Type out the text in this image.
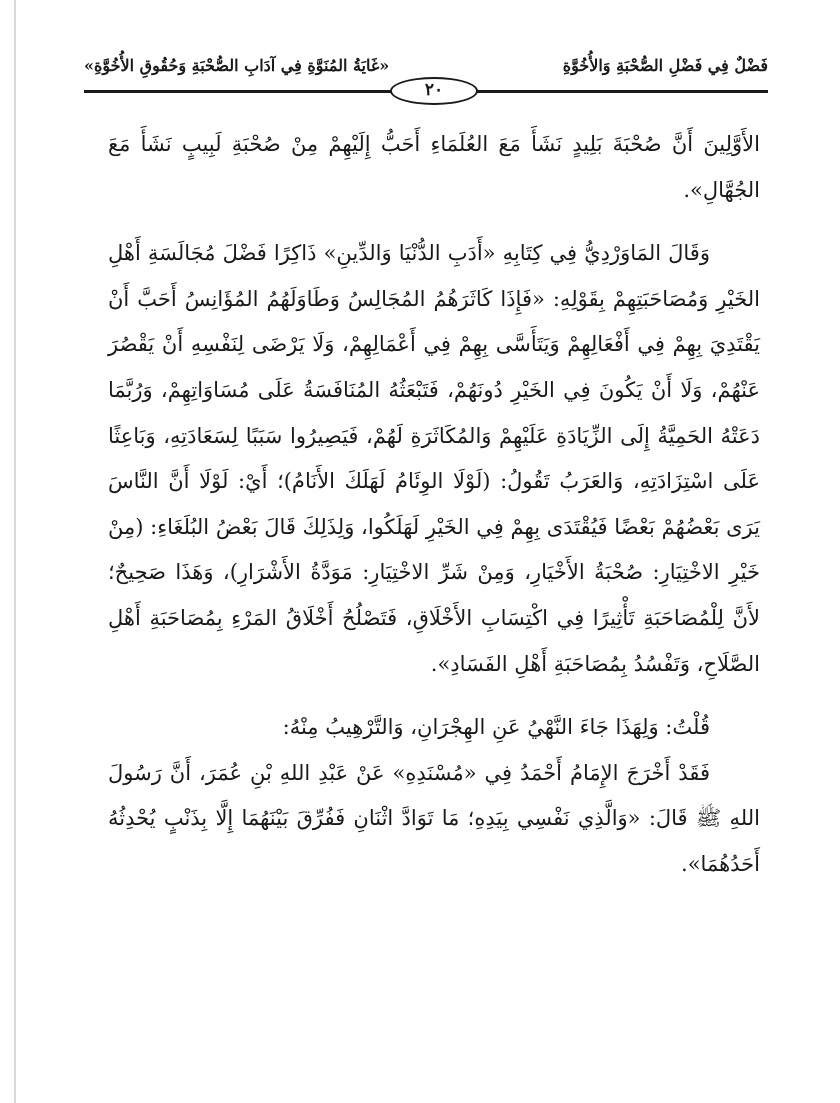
فَضْلٌ فِي فَضْلِ الصُّحْبَةِ وَالأُخُوَّةِ
«غَايَةُ المُنَوَّةِ فِي آدَابِ الصُّحْبَةِ وَحُقُوقِ الأُخُوَّةِ»
٢٠

الأَوَّلِينَ أَنَّ صُحْبَةَ بَلِيدٍ نَشَأَ مَعَ العُلَمَاءِ أَحَبُّ إِلَيْهِمْ مِنْ صُحْبَةِ لَبِيبٍ نَشَأَ مَعَ الجُهَّالِ».

وَقَالَ المَاوَرْدِيُّ فِي كِتَابِهِ «أَدَبِ الدُّنْيَا وَالدِّينِ» ذَاكِرًا فَضْلَ مُجَالَسَةِ أَهْلِ الخَيْرِ وَمُصَاحَبَتِهِمْ بِقَوْلِهِ: «فَإِذَا كَاثَرَهُمُ المُجَالِسُ وَطَاوَلَهُمُ المُؤَانِسُ أَحَبَّ أَنْ يَقْتَدِيَ بِهِمْ فِي أَفْعَالِهِمْ وَيَتَأَسَّى بِهِمْ فِي أَعْمَالِهِمْ، وَلَا يَرْضَى لِنَفْسِهِ أَنْ يَقْصُرَ عَنْهُمْ، وَلَا أَنْ يَكُونَ فِي الخَيْرِ دُونَهُمْ، فَتَبْعَثُهُ المُنَافَسَةُ عَلَى مُسَاوَاتِهِمْ، وَرُبَّمَا دَعَتْهُ الحَمِيَّةُ إِلَى الزِّيَادَةِ عَلَيْهِمْ وَالمُكَاثَرَةِ لَهُمْ، فَيَصِيرُوا سَبَبًا لِسَعَادَتِهِ، وَبَاعِثًا عَلَى اسْتِزَادَتِهِ، وَالعَرَبُ تَقُولُ: (لَوْلَا الوِئَامُ لَهَلَكَ الأَنَامُ)؛ أَيْ: لَوْلَا أَنَّ النَّاسَ يَرَى بَعْضُهُمْ بَعْضًا فَيُقْتَدَى بِهِمْ فِي الخَيْرِ لَهَلَكُوا، وَلِذَلِكَ قَالَ بَعْضُ البُلَغَاءِ: (مِنْ خَيْرِ الاخْتِيَارِ: صُحْبَةُ الأَخْيَارِ، وَمِنْ شَرِّ الاخْتِيَارِ: مَوَدَّةُ الأَشْرَارِ)، وَهَذَا صَحِيحٌ؛ لأَنَّ لِلْمُصَاحَبَةِ تَأْثِيرًا فِي اكْتِسَابِ الأَخْلَاقِ، فَتَصْلُحُ أَخْلَاقُ المَرْءِ بِمُصَاحَبَةِ أَهْلِ الصَّلَاحِ، وَتَفْسُدُ بِمُصَاحَبَةِ أَهْلِ الفَسَادِ».

قُلْتُ: وَلِهَذَا جَاءَ النَّهْيُ عَنِ الهِجْرَانِ، وَالتَّرْهِيبُ مِنْهُ:

فَقَدْ أَخْرَجَ الإِمَامُ أَحْمَدُ فِي «مُسْنَدِهِ» عَنْ عَبْدِ اللهِ بْنِ عُمَرَ، أَنَّ رَسُولَ اللهِ ﷺ قَالَ: «وَالَّذِي نَفْسِي بِيَدِهِ؛ مَا تَوَادَّ اثْنَانِ فَفُرِّقَ بَيْنَهُمَا إِلَّا بِذَنْبٍ يُحْدِثُهُ أَحَدُهُمَا».
